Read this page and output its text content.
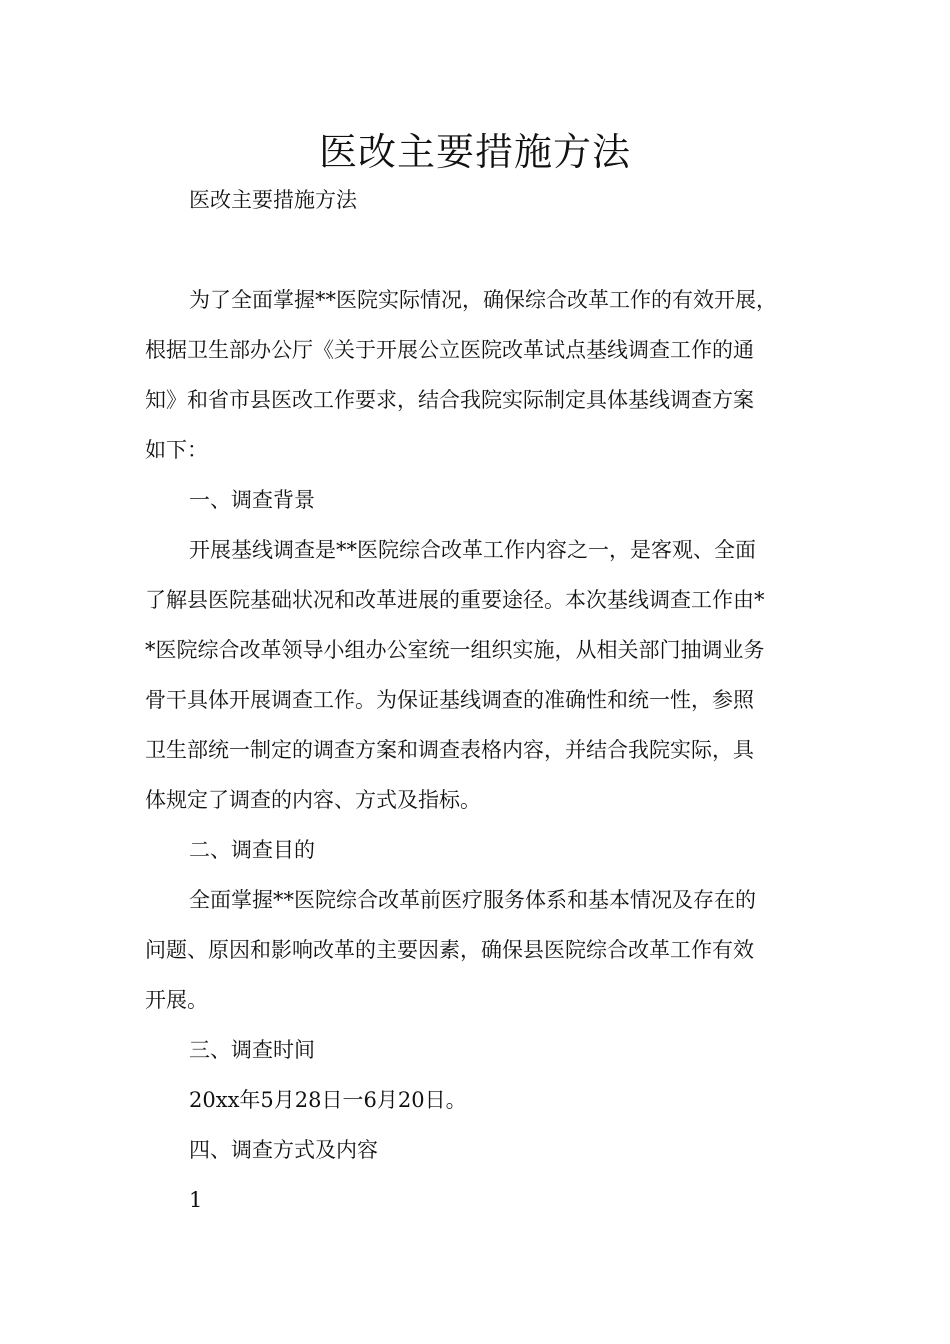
医改主要措施方法
医改主要措施方法
为了全面掌握**医院实际情况，确保综合改革工作的有效开展，
根据卫生部办公厅《关于开展公立医院改革试点基线调查工作的通
知》和省市县医改工作要求，结合我院实际制定具体基线调查方案
如下：
一、调查背景
开展基线调查是**医院综合改革工作内容之一，是客观、全面
了解县医院基础状况和改革进展的重要途径。本次基线调查工作由*
*医院综合改革领导小组办公室统一组织实施，从相关部门抽调业务
骨干具体开展调查工作。为保证基线调查的准确性和统一性，参照
卫生部统一制定的调查方案和调查表格内容，并结合我院实际，具
体规定了调查的内容、方式及指标。
二、调查目的
全面掌握**医院综合改革前医疗服务体系和基本情况及存在的
问题、原因和影响改革的主要因素，确保县医院综合改革工作有效
开展。
三、调查时间
20xx年5月28日一6月20日。
四、调查方式及内容
1
